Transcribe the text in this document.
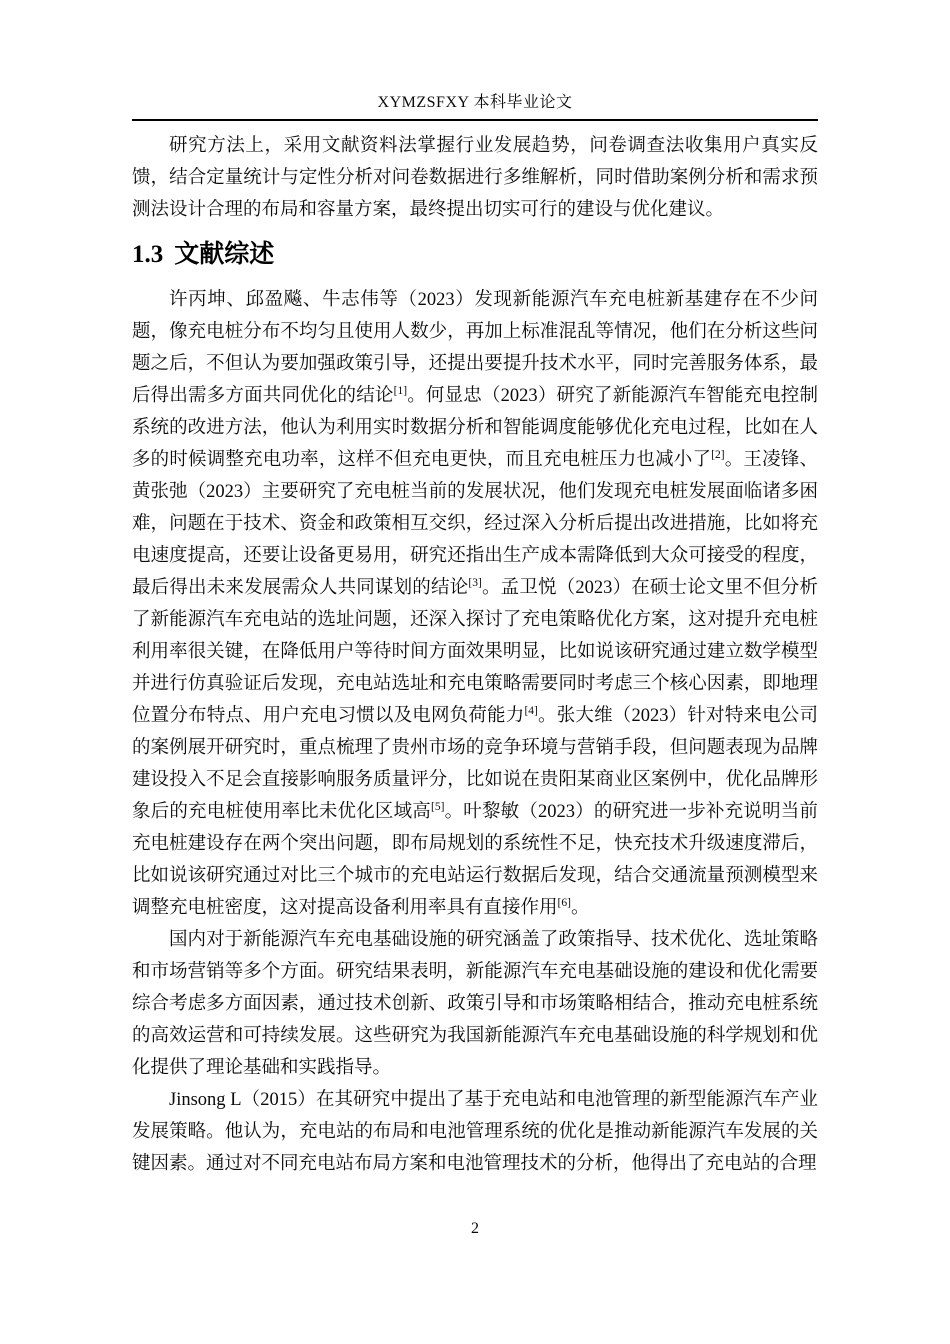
XYMZSFXY 本科毕业论文

研究方法上，采用文献资料法掌握行业发展趋势，问卷调查法收集用户真实反馈，结合定量统计与定性分析对问卷数据进行多维解析，同时借助案例分析和需求预测法设计合理的布局和容量方案，最终提出切实可行的建设与优化建议。

1.3 文献综述

许丙坤、邱盈飚、牛志伟等（2023）发现新能源汽车充电桩新基建存在不少问题，像充电桩分布不均匀且使用人数少，再加上标准混乱等情况，他们在分析这些问题之后，不但认为要加强政策引导，还提出要提升技术水平，同时完善服务体系，最后得出需多方面共同优化的结论[1]。何显忠（2023）研究了新能源汽车智能充电控制系统的改进方法，他认为利用实时数据分析和智能调度能够优化充电过程，比如在人多的时候调整充电功率，这样不但充电更快，而且充电桩压力也减小了[2]。王凌锋、黄张弛（2023）主要研究了充电桩当前的发展状况，他们发现充电桩发展面临诸多困难，问题在于技术、资金和政策相互交织，经过深入分析后提出改进措施，比如将充电速度提高，还要让设备更易用，研究还指出生产成本需降低到大众可接受的程度，最后得出未来发展需众人共同谋划的结论[3]。孟卫悦（2023）在硕士论文里不但分析了新能源汽车充电站的选址问题，还深入探讨了充电策略优化方案，这对提升充电桩利用率很关键，在降低用户等待时间方面效果明显，比如说该研究通过建立数学模型并进行仿真验证后发现，充电站选址和充电策略需要同时考虑三个核心因素，即地理位置分布特点、用户充电习惯以及电网负荷能力[4]。张大维（2023）针对特来电公司的案例展开研究时，重点梳理了贵州市场的竞争环境与营销手段，但问题表现为品牌建设投入不足会直接影响服务质量评分，比如说在贵阳某商业区案例中，优化品牌形象后的充电桩使用率比未优化区域高[5]。叶黎敏（2023）的研究进一步补充说明当前充电桩建设存在两个突出问题，即布局规划的系统性不足，快充技术升级速度滞后，比如说该研究通过对比三个城市的充电站运行数据后发现，结合交通流量预测模型来调整充电桩密度，这对提高设备利用率具有直接作用[6]。

国内对于新能源汽车充电基础设施的研究涵盖了政策指导、技术优化、选址策略和市场营销等多个方面。研究结果表明，新能源汽车充电基础设施的建设和优化需要综合考虑多方面因素，通过技术创新、政策引导和市场策略相结合，推动充电桩系统的高效运营和可持续发展。这些研究为我国新能源汽车充电基础设施的科学规划和优化提供了理论基础和实践指导。

Jinsong L（2015）在其研究中提出了基于充电站和电池管理的新型能源汽车产业发展策略。他认为，充电站的布局和电池管理系统的优化是推动新能源汽车发展的关键因素。通过对不同充电站布局方案和电池管理技术的分析，他得出了充电站的合理

2
